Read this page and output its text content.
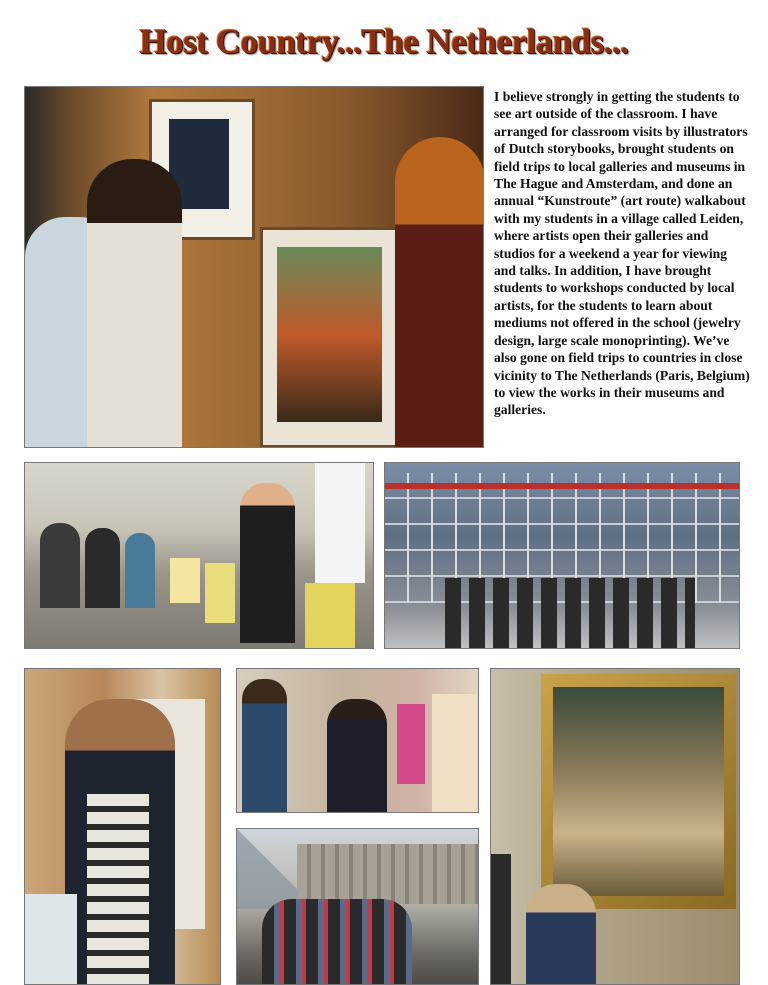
Host Country...The Netherlands...

I believe strongly in getting the students to see art outside of the classroom. I have arranged for classroom visits by illustrators of Dutch storybooks, brought students on field trips to local galleries and museums in The Hague and Amsterdam, and done an annual “Kunstroute” (art route) walkabout with my students in a village called Leiden, where artists open their galleries and studios for a weekend a year for viewing and talks. In addition, I have brought students to workshops conducted by local artists, for the students to learn about mediums not offered in the school (jewelry design, large scale monoprinting). We’ve also gone on field trips to countries in close vicinity to The Netherlands (Paris, Belgium) to view the works in their museums and galleries.
